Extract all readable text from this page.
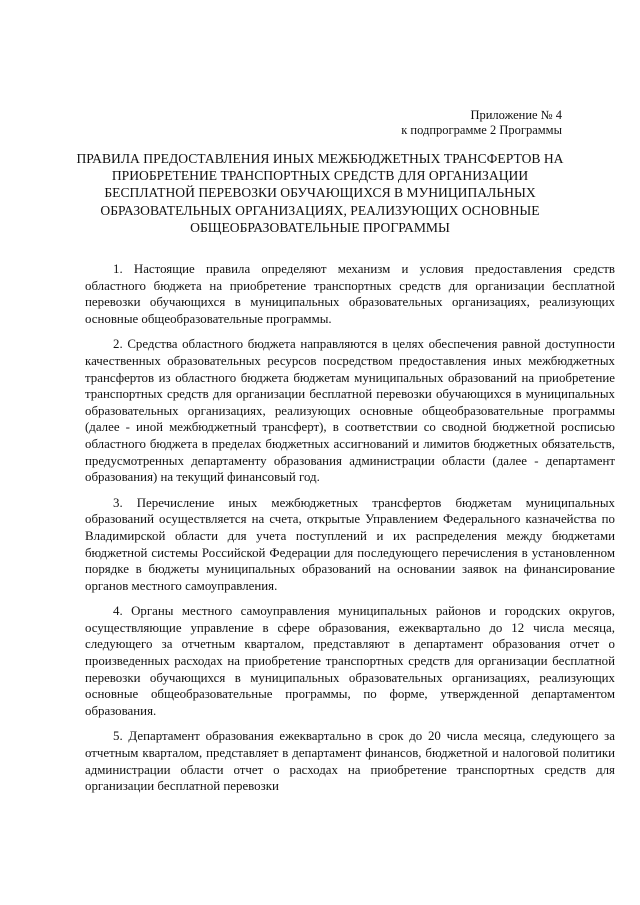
Приложение № 4
к подпрограмме 2 Программы
ПРАВИЛА ПРЕДОСТАВЛЕНИЯ ИНЫХ МЕЖБЮДЖЕТНЫХ ТРАНСФЕРТОВ НА ПРИОБРЕТЕНИЕ ТРАНСПОРТНЫХ СРЕДСТВ ДЛЯ ОРГАНИЗАЦИИ БЕСПЛАТНОЙ ПЕРЕВОЗКИ ОБУЧАЮЩИХСЯ В МУНИЦИПАЛЬНЫХ ОБРАЗОВАТЕЛЬНЫХ ОРГАНИЗАЦИЯХ, РЕАЛИЗУЮЩИХ ОСНОВНЫЕ ОБЩЕОБРАЗОВАТЕЛЬНЫЕ ПРОГРАММЫ

1. Настоящие правила определяют механизм и условия предоставления средств областного бюджета на приобретение транспортных средств для организации бесплатной перевозки обучающихся в муниципальных образовательных организациях, реализующих основные общеобразовательные программы.

2. Средства областного бюджета направляются в целях обеспечения равной доступности качественных образовательных ресурсов посредством предоставления иных межбюджетных трансфертов из областного бюджета бюджетам муниципальных образований на приобретение транспортных средств для организации бесплатной перевозки обучающихся в муниципальных образовательных организациях, реализующих основные общеобразовательные программы (далее - иной межбюджетный трансферт), в соответствии со сводной бюджетной росписью областного бюджета в пределах бюджетных ассигнований и лимитов бюджетных обязательств, предусмотренных департаменту образования администрации области (далее - департамент образования) на текущий финансовый год.

3. Перечисление иных межбюджетных трансфертов бюджетам муниципальных образований осуществляется на счета, открытые Управлением Федерального казначейства по Владимирской области для учета поступлений и их распределения между бюджетами бюджетной системы Российской Федерации для последующего перечисления в установленном порядке в бюджеты муниципальных образований на основании заявок на финансирование органов местного самоуправления.

4. Органы местного самоуправления муниципальных районов и городских округов, осуществляющие управление в сфере образования, ежеквартально до 12 числа месяца, следующего за отчетным кварталом, представляют в департамент образования отчет о произведенных расходах на приобретение транспортных средств для организации бесплатной перевозки обучающихся в муниципальных образовательных организациях, реализующих основные общеобразовательные программы, по форме, утвержденной департаментом образования.

5. Департамент образования ежеквартально в срок до 20 числа месяца, следующего за отчетным кварталом, представляет в департамент финансов, бюджетной и налоговой политики администрации области отчет о расходах на приобретение транспортных средств для организации бесплатной перевозки
